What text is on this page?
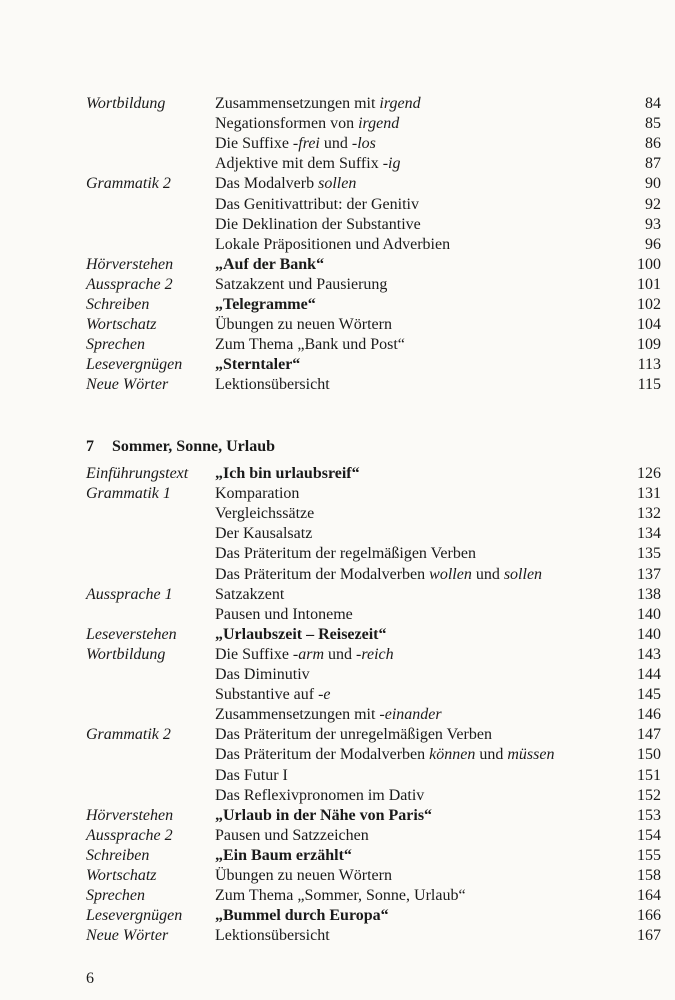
Wortbildung	Zusammensetzungen mit irgend	84
Negationsformen von irgend	85
Die Suffixe -frei und -los	86
Adjektive mit dem Suffix -ig	87
Grammatik 2	Das Modalverb sollen	90
Das Genitivattribut: der Genitiv	92
Die Deklination der Substantive	93
Lokale Präpositionen und Adverbien	96
Hörverstehen	„Auf der Bank“	100
Aussprache 2	Satzakzent und Pausierung	101
Schreiben	„Telegramme“	102
Wortschatz	Übungen zu neuen Wörtern	104
Sprechen	Zum Thema „Bank und Post“	109
Lesevergnügen „Sterntaler“	113
Neue Wörter	Lektionsübersicht	115
7 Sommer, Sonne, Urlaub
Einführungstext „Ich bin urlaubsreif“	126
Grammatik 1	Komparation	131
Vergleichssätze	132
Der Kausalsatz	134
Das Präteritum der regelmäßigen Verben	135
Das Präteritum der Modalverben wollen und sollen	137
Aussprache 1	Satzakzent	138
Pausen und Intoneme	140
Leseverstehen „Urlaubszeit – Reisezeit“	140
Wortbildung	Die Suffixe -arm und -reich	143
Das Diminutiv	144
Substantive auf -e	145
Zusammensetzungen mit -einander	146
Grammatik 2	Das Präteritum der unregelmäßigen Verben	147
Das Präteritum der Modalverben können und müssen	150
Das Futur I	151
Das Reflexivpronomen im Dativ	152
Hörverstehen	„Urlaub in der Nähe von Paris“	153
Aussprache 2	Pausen und Satzzeichen	154
Schreiben	„Ein Baum erzählt“	155
Wortschatz	Übungen zu neuen Wörtern	158
Sprechen	Zum Thema „Sommer, Sonne, Urlaub“	164
Lesevergnügen „Bummel durch Europa“	166
Neue Wörter	Lektionsübersicht	167
6
